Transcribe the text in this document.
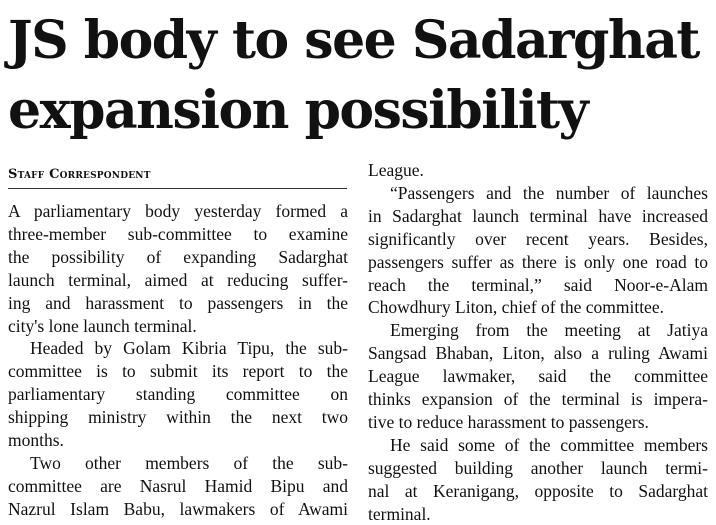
JS body to see Sadarghat
expansion possibility
Staff Correspondent
A parliamentary body yesterday formed a
three-member sub-committee to examine
the possibility of expanding Sadarghat
launch terminal, aimed at reducing suffer-
ing and harassment to passengers in the
city's lone launch terminal.
Headed by Golam Kibria Tipu, the sub-
committee is to submit its report to the
parliamentary standing committee on
shipping ministry within the next two
months.
Two other members of the sub-
committee are Nasrul Hamid Bipu and
Nazrul Islam Babu, lawmakers of Awami
League.
“Passengers and the number of launches
in Sadarghat launch terminal have increased
significantly over recent years. Besides,
passengers suffer as there is only one road to
reach the terminal,” said Noor-e-Alam
Chowdhury Liton, chief of the committee.
Emerging from the meeting at Jatiya
Sangsad Bhaban, Liton, also a ruling Awami
League lawmaker, said the committee
thinks expansion of the terminal is impera-
tive to reduce harassment to passengers.
He said some of the committee members
suggested building another launch termi-
nal at Keranigang, opposite to Sadarghat
terminal.
